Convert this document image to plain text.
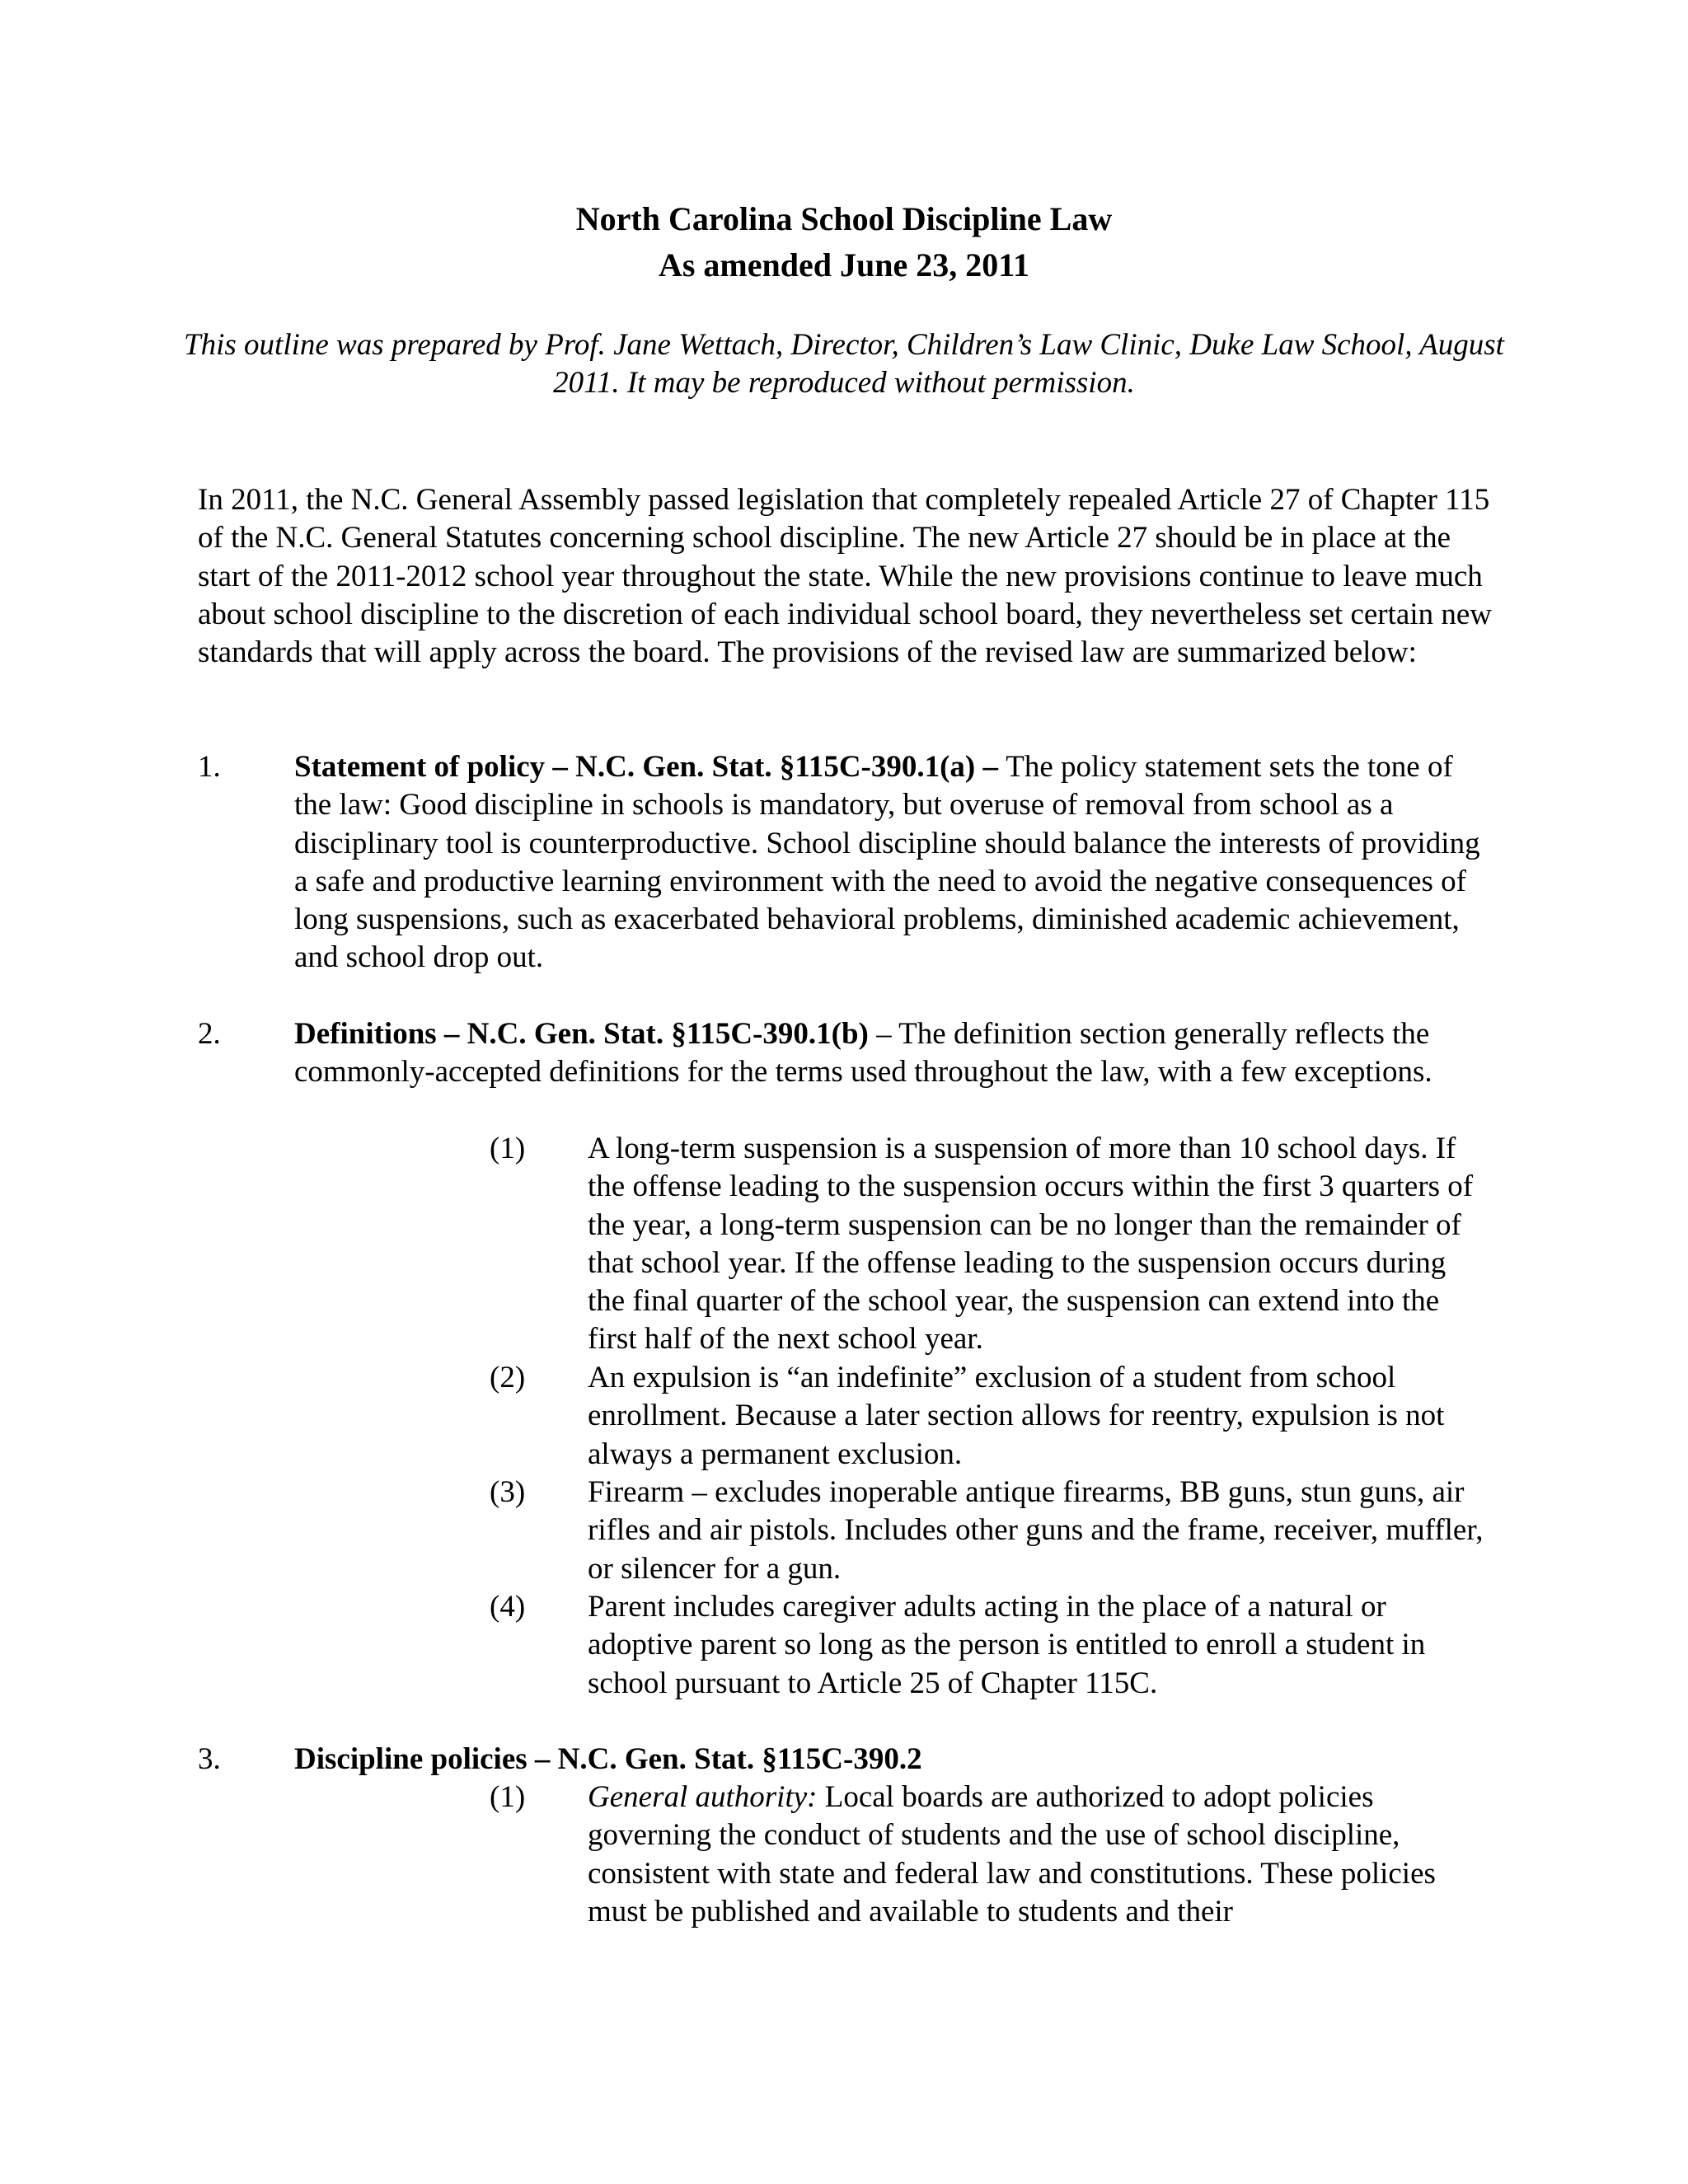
North Carolina School Discipline Law
As amended June 23, 2011
This outline was prepared by Prof. Jane Wettach, Director, Children’s Law Clinic, Duke Law School, August 2011. It may be reproduced without permission.
In 2011, the N.C. General Assembly passed legislation that completely repealed Article 27 of Chapter 115 of the N.C. General Statutes concerning school discipline. The new Article 27 should be in place at the start of the 2011-2012 school year throughout the state. While the new provisions continue to leave much about school discipline to the discretion of each individual school board, they nevertheless set certain new standards that will apply across the board. The provisions of the revised law are summarized below:
1. Statement of policy – N.C. Gen. Stat. §115C-390.1(a) – The policy statement sets the tone of the law: Good discipline in schools is mandatory, but overuse of removal from school as a disciplinary tool is counterproductive. School discipline should balance the interests of providing a safe and productive learning environment with the need to avoid the negative consequences of long suspensions, such as exacerbated behavioral problems, diminished academic achievement, and school drop out.
2. Definitions – N.C. Gen. Stat. §115C-390.1(b) – The definition section generally reflects the commonly-accepted definitions for the terms used throughout the law, with a few exceptions.
(1) A long-term suspension is a suspension of more than 10 school days. If the offense leading to the suspension occurs within the first 3 quarters of the year, a long-term suspension can be no longer than the remainder of that school year. If the offense leading to the suspension occurs during the final quarter of the school year, the suspension can extend into the first half of the next school year.
(2) An expulsion is “an indefinite” exclusion of a student from school enrollment. Because a later section allows for reentry, expulsion is not always a permanent exclusion.
(3) Firearm – excludes inoperable antique firearms, BB guns, stun guns, air rifles and air pistols. Includes other guns and the frame, receiver, muffler, or silencer for a gun.
(4) Parent includes caregiver adults acting in the place of a natural or adoptive parent so long as the person is entitled to enroll a student in school pursuant to Article 25 of Chapter 115C.
3. Discipline policies – N.C. Gen. Stat. §115C-390.2
(1) General authority: Local boards are authorized to adopt policies governing the conduct of students and the use of school discipline, consistent with state and federal law and constitutions. These policies must be published and available to students and their
